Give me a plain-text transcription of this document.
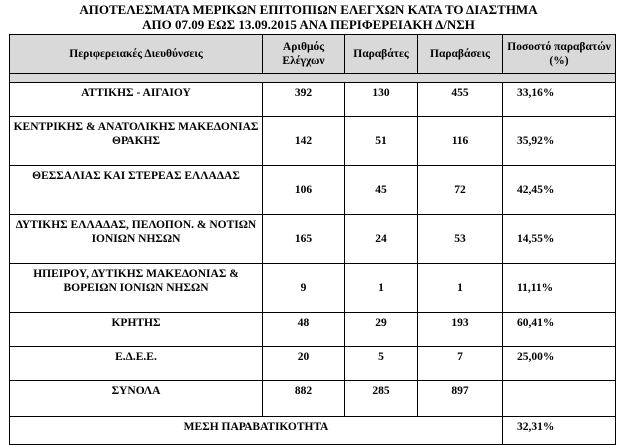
ΑΠΟΤΕΛΕΣΜΑΤΑ ΜΕΡΙΚΩΝ ΕΠΙΤΟΠΙΩΝ ΕΛΕΓΧΩΝ ΚΑΤΑ ΤΟ ΔΙΑΣΤΗΜΑ
ΑΠΟ 07.09 ΕΩΣ 13.09.2015 ΑΝΑ ΠΕΡΙΦΕΡΕΙΑΚΗ Δ/ΝΣΗ
Περιφερειακές Διευθύνσεις	Αριθμός Ελέγχων	Παραβάτες	Παραβάσεις	Ποσοστό παραβατών (%)

ΑΤΤΙΚΗΣ - ΑΙΓΑΙΟΥ	392	130	455	33,16%
ΚΕΝΤΡΙΚΗΣ & ΑΝΑΤΟΛΙΚΗΣ ΜΑΚΕΔΟΝΙΑΣ ΘΡΑΚΗΣ	142	51	116	35,92%
ΘΕΣΣΑΛΙΑΣ ΚΑΙ ΣΤΕΡΕΑΣ ΕΛΛΑΔΑΣ	106	45	72	42,45%
ΔΥΤΙΚΗΣ ΕΛΛΑΔΑΣ, ΠΕΛΟΠΟΝ. & ΝΟΤΙΩΝ ΙΟΝΙΩΝ ΝΗΣΩΝ	165	24	53	14,55%
ΗΠΕΙΡΟΥ, ΔΥΤΙΚΗΣ ΜΑΚΕΔΟΝΙΑΣ & ΒΟΡΕΙΩΝ ΙΟΝΙΩΝ ΝΗΣΩΝ	9	1	1	11,11%
ΚΡΗΤΗΣ	48	29	193	60,41%
Ε.Δ.Ε.Ε.	20	5	7	25,00%
ΣΥΝΟΛΑ	882	285	897	
ΜΕΣΗ ΠΑΡΑΒΑΤΙΚΟΤΗΤΑ				32,31%
